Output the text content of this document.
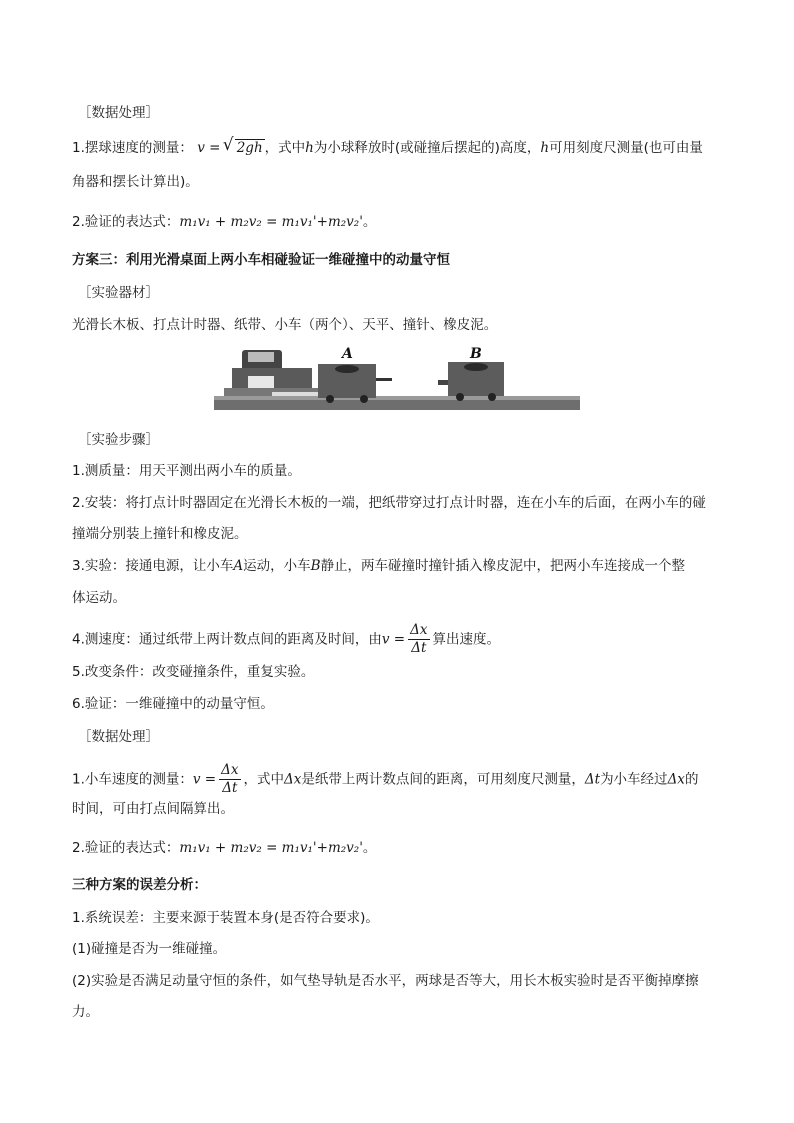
［数据处理］
1.摆球速度的测量： v = √ 2gh ，式中h为小球释放时(或碰撞后摆起的)高度，h可用刻度尺测量(也可由量
角器和摆长计算出)。
2.验证的表达式：m₁v₁ + m₂v₂ = m₁v₁'+m₂v₂'。
方案三：利用光滑桌面上两小车相碰验证一维碰撞中的动量守恒
［实验器材］
光滑长木板、打点计时器、纸带、小车（两个）、天平、撞针、橡皮泥。
A	B
［实验步骤］
1.测质量：用天平测出两小车的质量。
2.安装：将打点计时器固定在光滑长木板的一端，把纸带穿过打点计时器，连在小车的后面，在两小车的碰
撞端分别装上撞针和橡皮泥。
3.实验：接通电源，让小车A运动，小车B静止，两车碰撞时撞针插入橡皮泥中，把两小车连接成一个整
体运动。
4.测速度：通过纸带上两计数点间的距离及时间，由$v = \frac{\Delta x}{\Delta t}$ 算出速度。
5.改变条件：改变碰撞条件，重复实验。
6.验证：一维碰撞中的动量守恒。
［数据处理］
1.小车速度的测量：$v = \frac{\Delta x}{\Delta t}$ ，式中Δx是纸带上两计数点间的距离，可用刻度尺测量，Δt为小车经过Δx的
时间，可由打点间隔算出。
2.验证的表达式：m₁v₁ + m₂v₂ = m₁v₁'+m₂v₂'。
三种方案的误差分析：
1.系统误差：主要来源于装置本身(是否符合要求)。
(1)碰撞是否为一维碰撞。
(2)实验是否满足动量守恒的条件，如气垫导轨是否水平，两球是否等大，用长木板实验时是否平衡掉摩擦
力。
